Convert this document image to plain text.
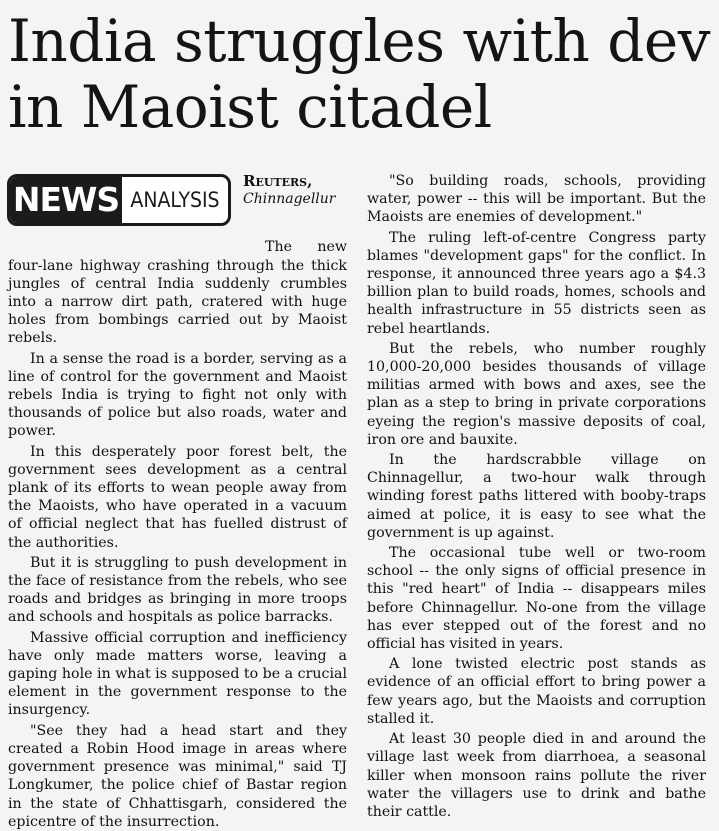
India struggles with dev
in Maoist citadel
NEWS ANALYSIS

Reuters,
Chinnagellur

The new four-lane highway crashing through the thick jungles of central India suddenly crumbles into a narrow dirt path, cratered with huge holes from bombings carried out by Maoist rebels.

In a sense the road is a border, serving as a line of control for the government and Maoist rebels India is trying to fight not only with thousands of police but also roads, water and power.

In this desperately poor forest belt, the government sees development as a central plank of its efforts to wean people away from the Maoists, who have operated in a vacuum of official neglect that has fuelled distrust of the authorities.

But it is struggling to push development in the face of resistance from the rebels, who see roads and bridges as bringing in more troops and schools and hospitals as police barracks.

Massive official corruption and inefficiency have only made matters worse, leaving a gaping hole in what is supposed to be a crucial element in the government response to the insurgency.

"See they had a head start and they created a Robin Hood image in areas where government presence was minimal," said TJ Longkumer, the police chief of Bastar region in the state of Chhattisgarh, considered the epicentre of the insurrection.

"So building roads, schools, providing water, power -- this will be important. But the Maoists are enemies of development."

The ruling left-of-centre Congress party blames "development gaps" for the conflict. In response, it announced three years ago a $4.3 billion plan to build roads, homes, schools and health infrastructure in 55 districts seen as rebel heartlands.

But the rebels, who number roughly 10,000-20,000 besides thousands of village militias armed with bows and axes, see the plan as a step to bring in private corporations eyeing the region's massive deposits of coal, iron ore and bauxite.

In the hardscrabble village on Chinnagellur, a two-hour walk through winding forest paths littered with booby-traps aimed at police, it is easy to see what the government is up against.

The occasional tube well or two-room school -- the only signs of official presence in this "red heart" of India -- disappears miles before Chinnagellur. No-one from the village has ever stepped out of the forest and no official has visited in years.

A lone twisted electric post stands as evidence of an official effort to bring power a few years ago, but the Maoists and corruption stalled it.

At least 30 people died in and around the village last week from diarrhoea, a seasonal killer when monsoon rains pollute the river water the villagers use to drink and bathe their cattle.
